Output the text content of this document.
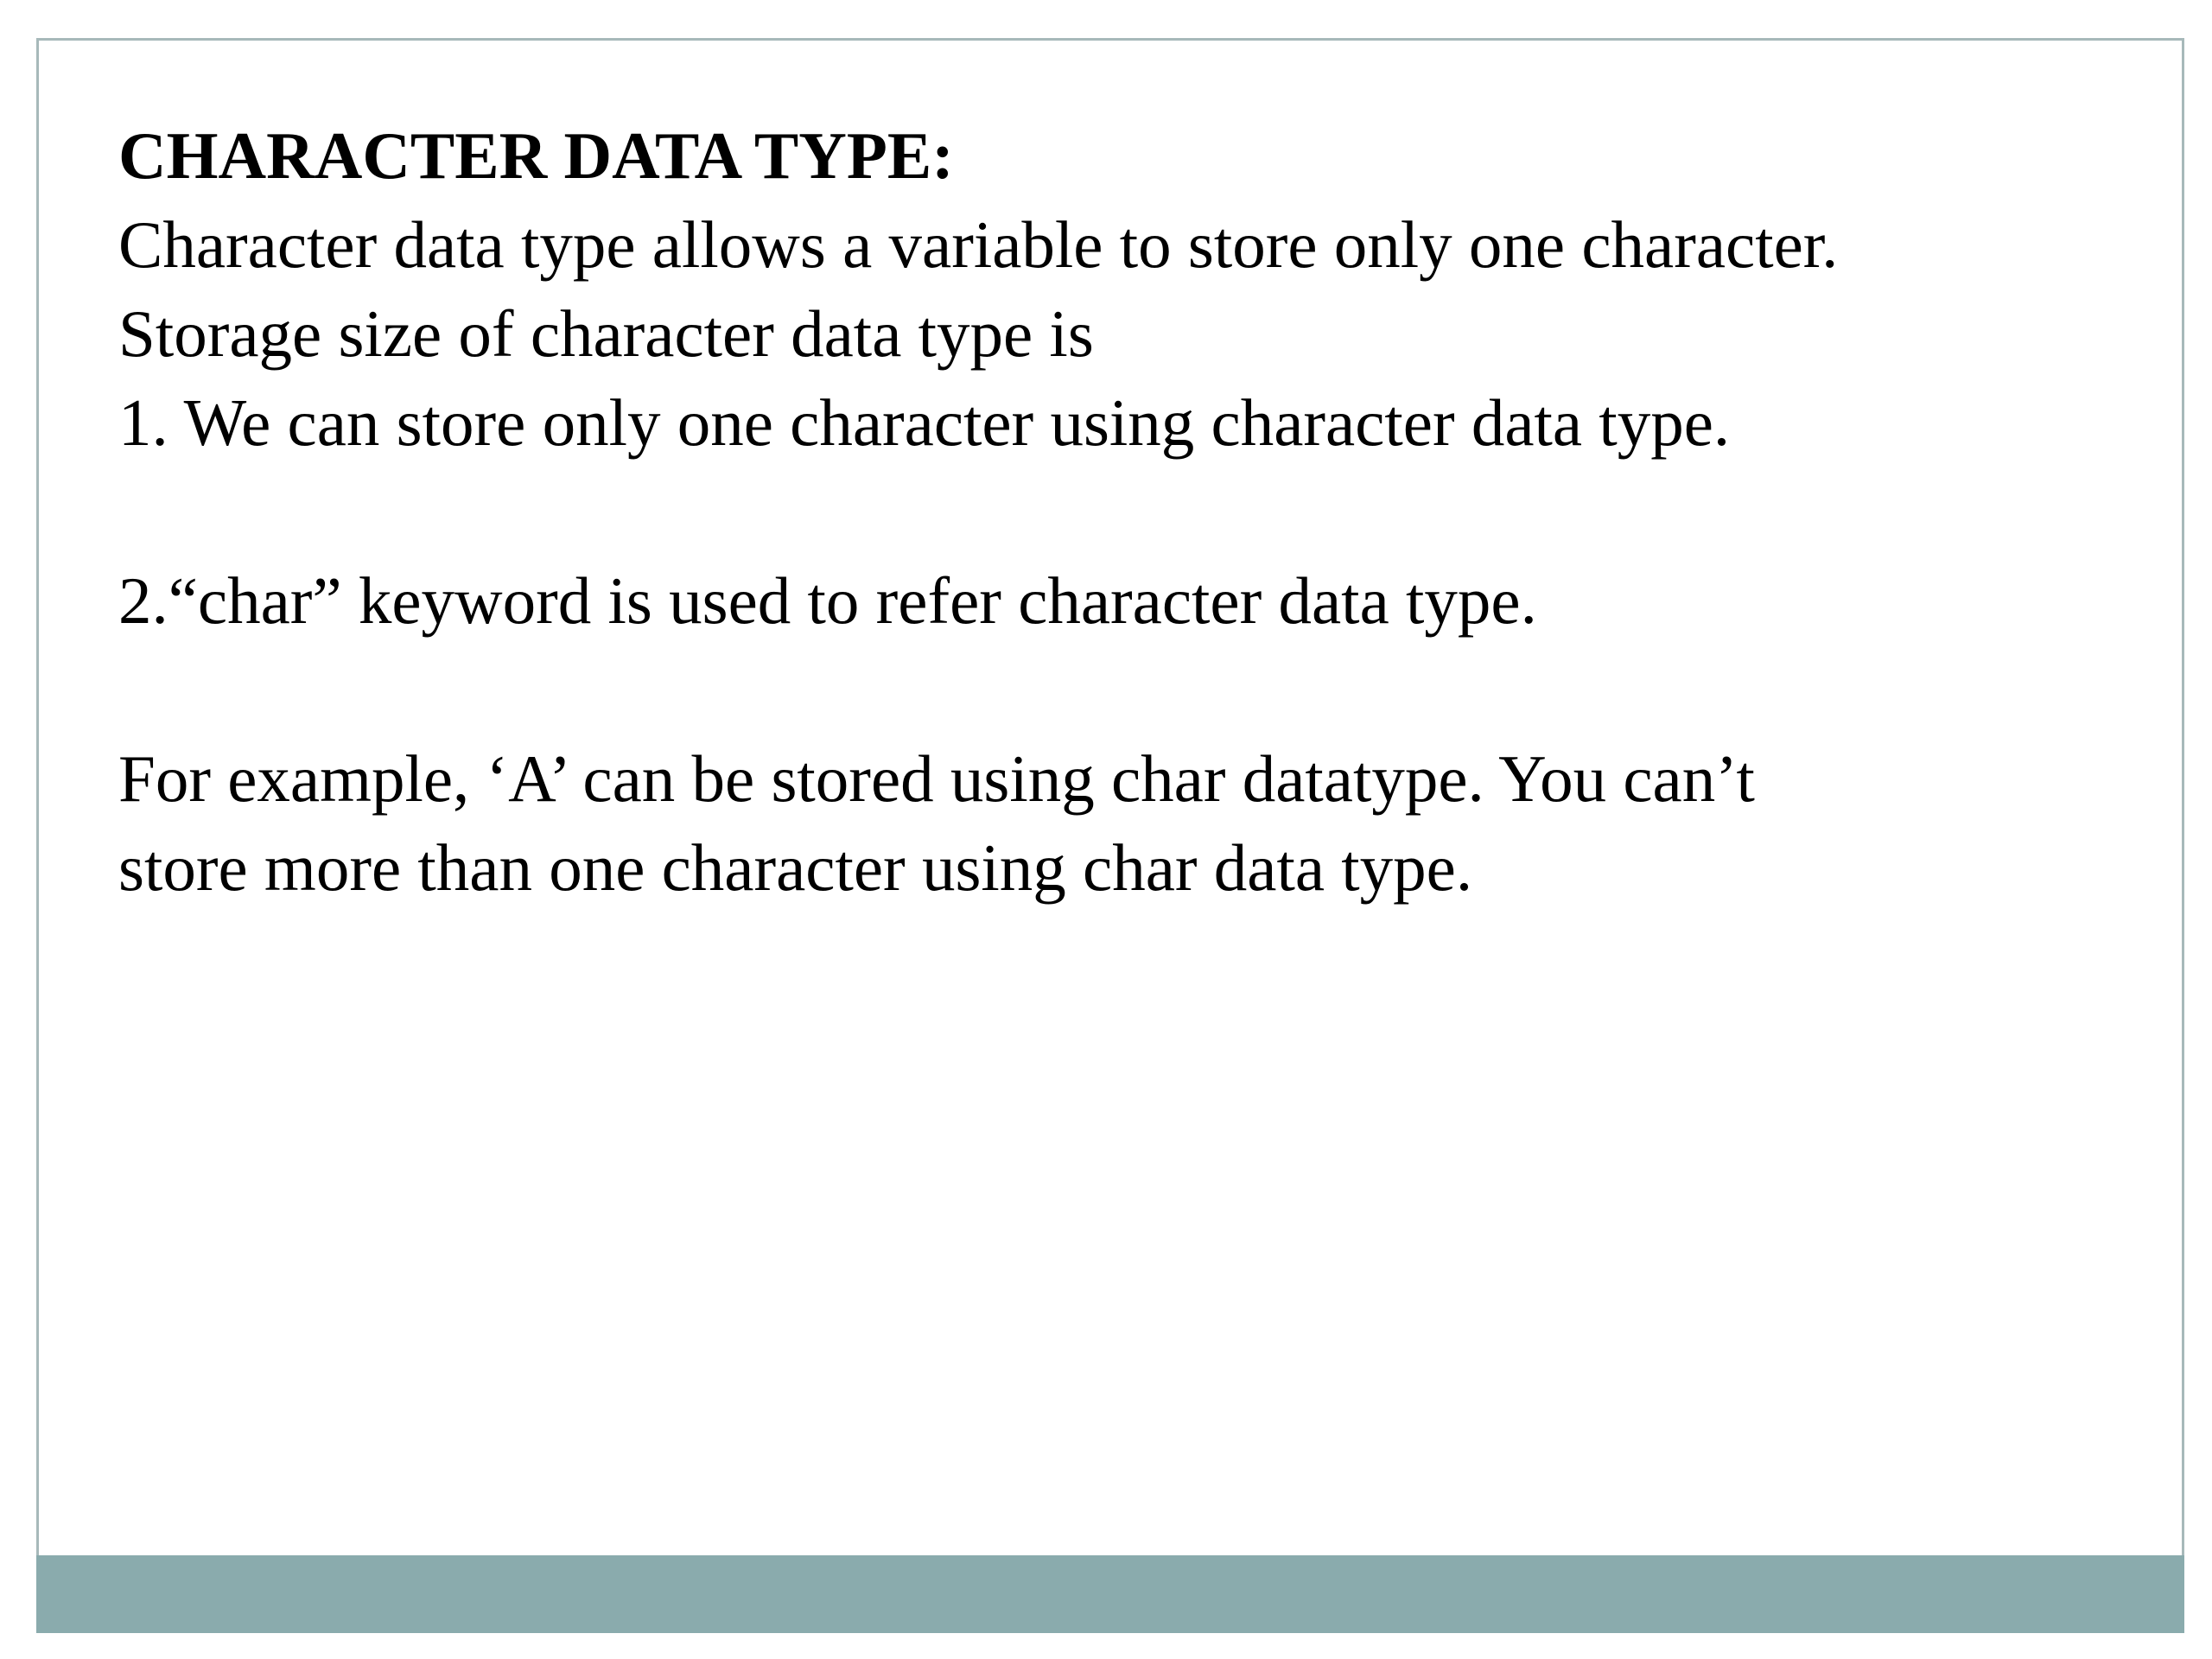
CHARACTER DATA TYPE:

Character data type allows a variable to store only one character.

Storage size of character data type is

1. We can store only one character using character data type.

2.“char” keyword is used to refer character data type.

For example, ‘A’ can be stored using char datatype. You can’t

store more than one character using char data type.
